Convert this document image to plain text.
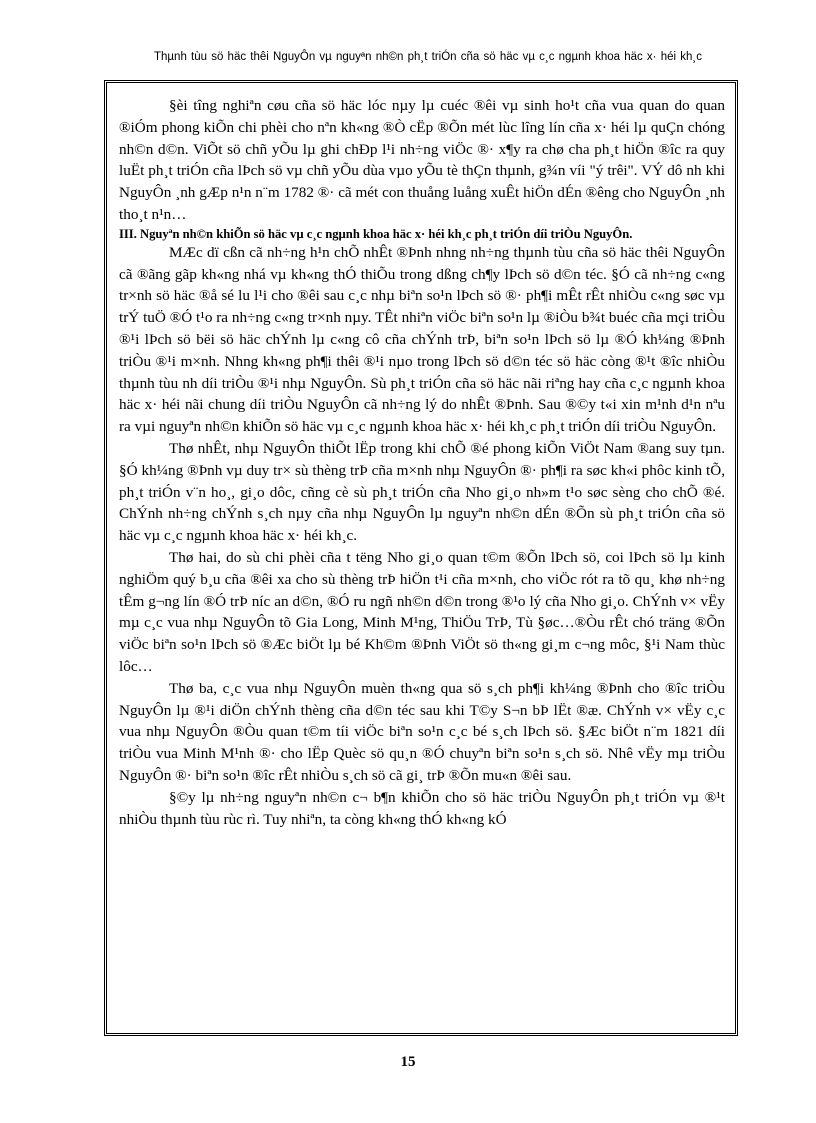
Thµnh tùu sö häc thêi NguyÔn vµ nguyªn nh©n ph¸t triÓn cña sö häc vµ c¸c ngµnh khoa häc x· héi kh¸c

§èi tîng nghiªn cøu cña sö häc lóc nµy lµ cuéc ®êi vµ sinh ho¹t cña vua quan do quan ®iÓm phong kiÕn chi phèi cho nªn kh«ng ®Ò cËp ®Õn mét lùc lîng lín cña x· héi lµ quÇn chóng nh©n d©n. ViÕt sö chñ yÕu lµ ghi chÐp l¹i nh÷ng viÖc ®· x¶y ra chø cha ph¸t hiÖn ®îc ra quy luËt ph¸t triÓn cña lÞch sö vµ chñ yÕu dùa vµo yÕu tè thÇn thµnh, g¾n víi "ý trêi". VÝ dô nh khi NguyÔn ¸nh gÆp n¹n n¨m 1782 ®· cã mét con thuång luång xuÊt hiÖn dÉn ®êng cho NguyÔn ¸nh tho¸t n¹n…

III. Nguyªn nh©n khiÕn sö häc vµ c¸c ngµnh khoa häc x· héi kh¸c ph¸t triÓn díi triÒu NguyÔn.

MÆc dï cßn cã nh÷ng h¹n chÕ nhÊt ®Þnh nhng nh÷ng thµnh tùu cña sö häc thêi NguyÔn cã ®ãng gãp kh«ng nhá vµ kh«ng thÓ thiÕu trong dßng ch¶y lÞch sö d©n téc. §Ó cã nh÷ng c«ng tr×nh sö häc ®å sé lu l¹i cho ®êi sau c¸c nhµ biªn so¹n lÞch sö ®· ph¶i mÊt rÊt nhiÒu c«ng søc vµ trÝ tuÖ ®Ó t¹o ra nh÷ng c«ng tr×nh nµy. TÊt nhiªn viÖc biªn so¹n lµ ®iÒu b¾t buéc cña mçi triÒu ®¹i lÞch sö bëi sö häc chÝnh lµ c«ng cô cña chÝnh trÞ, biªn so¹n lÞch sö lµ ®Ó kh¼ng ®Þnh triÒu ®¹i m×nh. Nhng kh«ng ph¶i thêi ®¹i nµo trong lÞch sö d©n téc sö häc còng ®¹t ®îc nhiÒu thµnh tùu nh díi triÒu ®¹i nhµ NguyÔn. Sù ph¸t triÓn cña sö häc nãi riªng hay cña c¸c ngµnh khoa häc x· héi nãi chung díi triÒu NguyÔn cã nh÷ng lý do nhÊt ®Þnh. Sau ®©y t«i xin m¹nh d¹n nªu ra vµi nguyªn nh©n khiÕn sö häc vµ c¸c ngµnh khoa häc x· héi kh¸c ph¸t triÓn díi triÒu NguyÔn.

Thø nhÊt, nhµ NguyÔn thiÕt lËp trong khi chÕ ®é phong kiÕn ViÖt Nam ®ang suy tµn. §Ó kh¼ng ®Þnh vµ duy tr× sù thèng trÞ cña m×nh nhµ NguyÔn ®· ph¶i ra søc kh«i phôc kinh tÕ, ph¸t triÓn v¨n ho¸, gi¸o dôc, cñng cè sù ph¸t triÓn cña Nho gi¸o nh»m t¹o søc sèng cho chÕ ®é. ChÝnh nh÷ng chÝnh s¸ch nµy cña nhµ NguyÔn lµ nguyªn nh©n dÉn ®Õn sù ph¸t triÓn cña sö häc vµ c¸c ngµnh khoa häc x· héi kh¸c.

Thø hai, do sù chi phèi cña t tëng Nho gi¸o quan t©m ®Õn lÞch sö, coi lÞch sö lµ kinh nghiÖm quý b¸u cña ®êi xa cho sù thèng trÞ hiÖn t¹i cña m×nh, cho viÖc rót ra tõ qu¸ khø nh÷ng tÊm g¬ng lín ®Ó trÞ níc an d©n, ®Ó ru ngñ nh©n d©n trong ®¹o lý cña Nho gi¸o. ChÝnh v× vËy mµ c¸c vua nhµ NguyÔn tõ Gia Long, Minh M¹ng, ThiÖu TrÞ, Tù §øc…®Òu rÊt chó träng ®Õn viÖc biªn so¹n lÞch sö ®Æc biÖt lµ bé Kh©m ®Þnh ViÖt sö th«ng gi¸m c¬ng môc, §¹i Nam thùc lôc…

Thø ba, c¸c vua nhµ NguyÔn muèn th«ng qua sö s¸ch ph¶i kh¼ng ®Þnh cho ®îc triÒu NguyÔn lµ ®¹i diÖn chÝnh thèng cña d©n téc sau khi T©y S¬n bÞ lËt ®æ. ChÝnh v× vËy c¸c vua nhµ NguyÔn ®Òu quan t©m tíi viÖc biªn so¹n c¸c bé s¸ch lÞch sö. §Æc biÖt n¨m 1821 díi triÒu vua Minh M¹nh ®· cho lËp Quèc sö qu¸n ®Ó chuyªn biªn so¹n s¸ch sö. Nhê vËy mµ triÒu NguyÔn ®· biªn so¹n ®îc rÊt nhiÒu s¸ch sö cã gi¸ trÞ ®Õn mu«n ®êi sau.

§©y lµ nh÷ng nguyªn nh©n c¬ b¶n khiÕn cho sö häc triÒu NguyÔn ph¸t triÓn vµ ®¹t nhiÒu thµnh tùu rùc rì. Tuy nhiªn, ta còng kh«ng thÓ kh«ng kÓ

15
